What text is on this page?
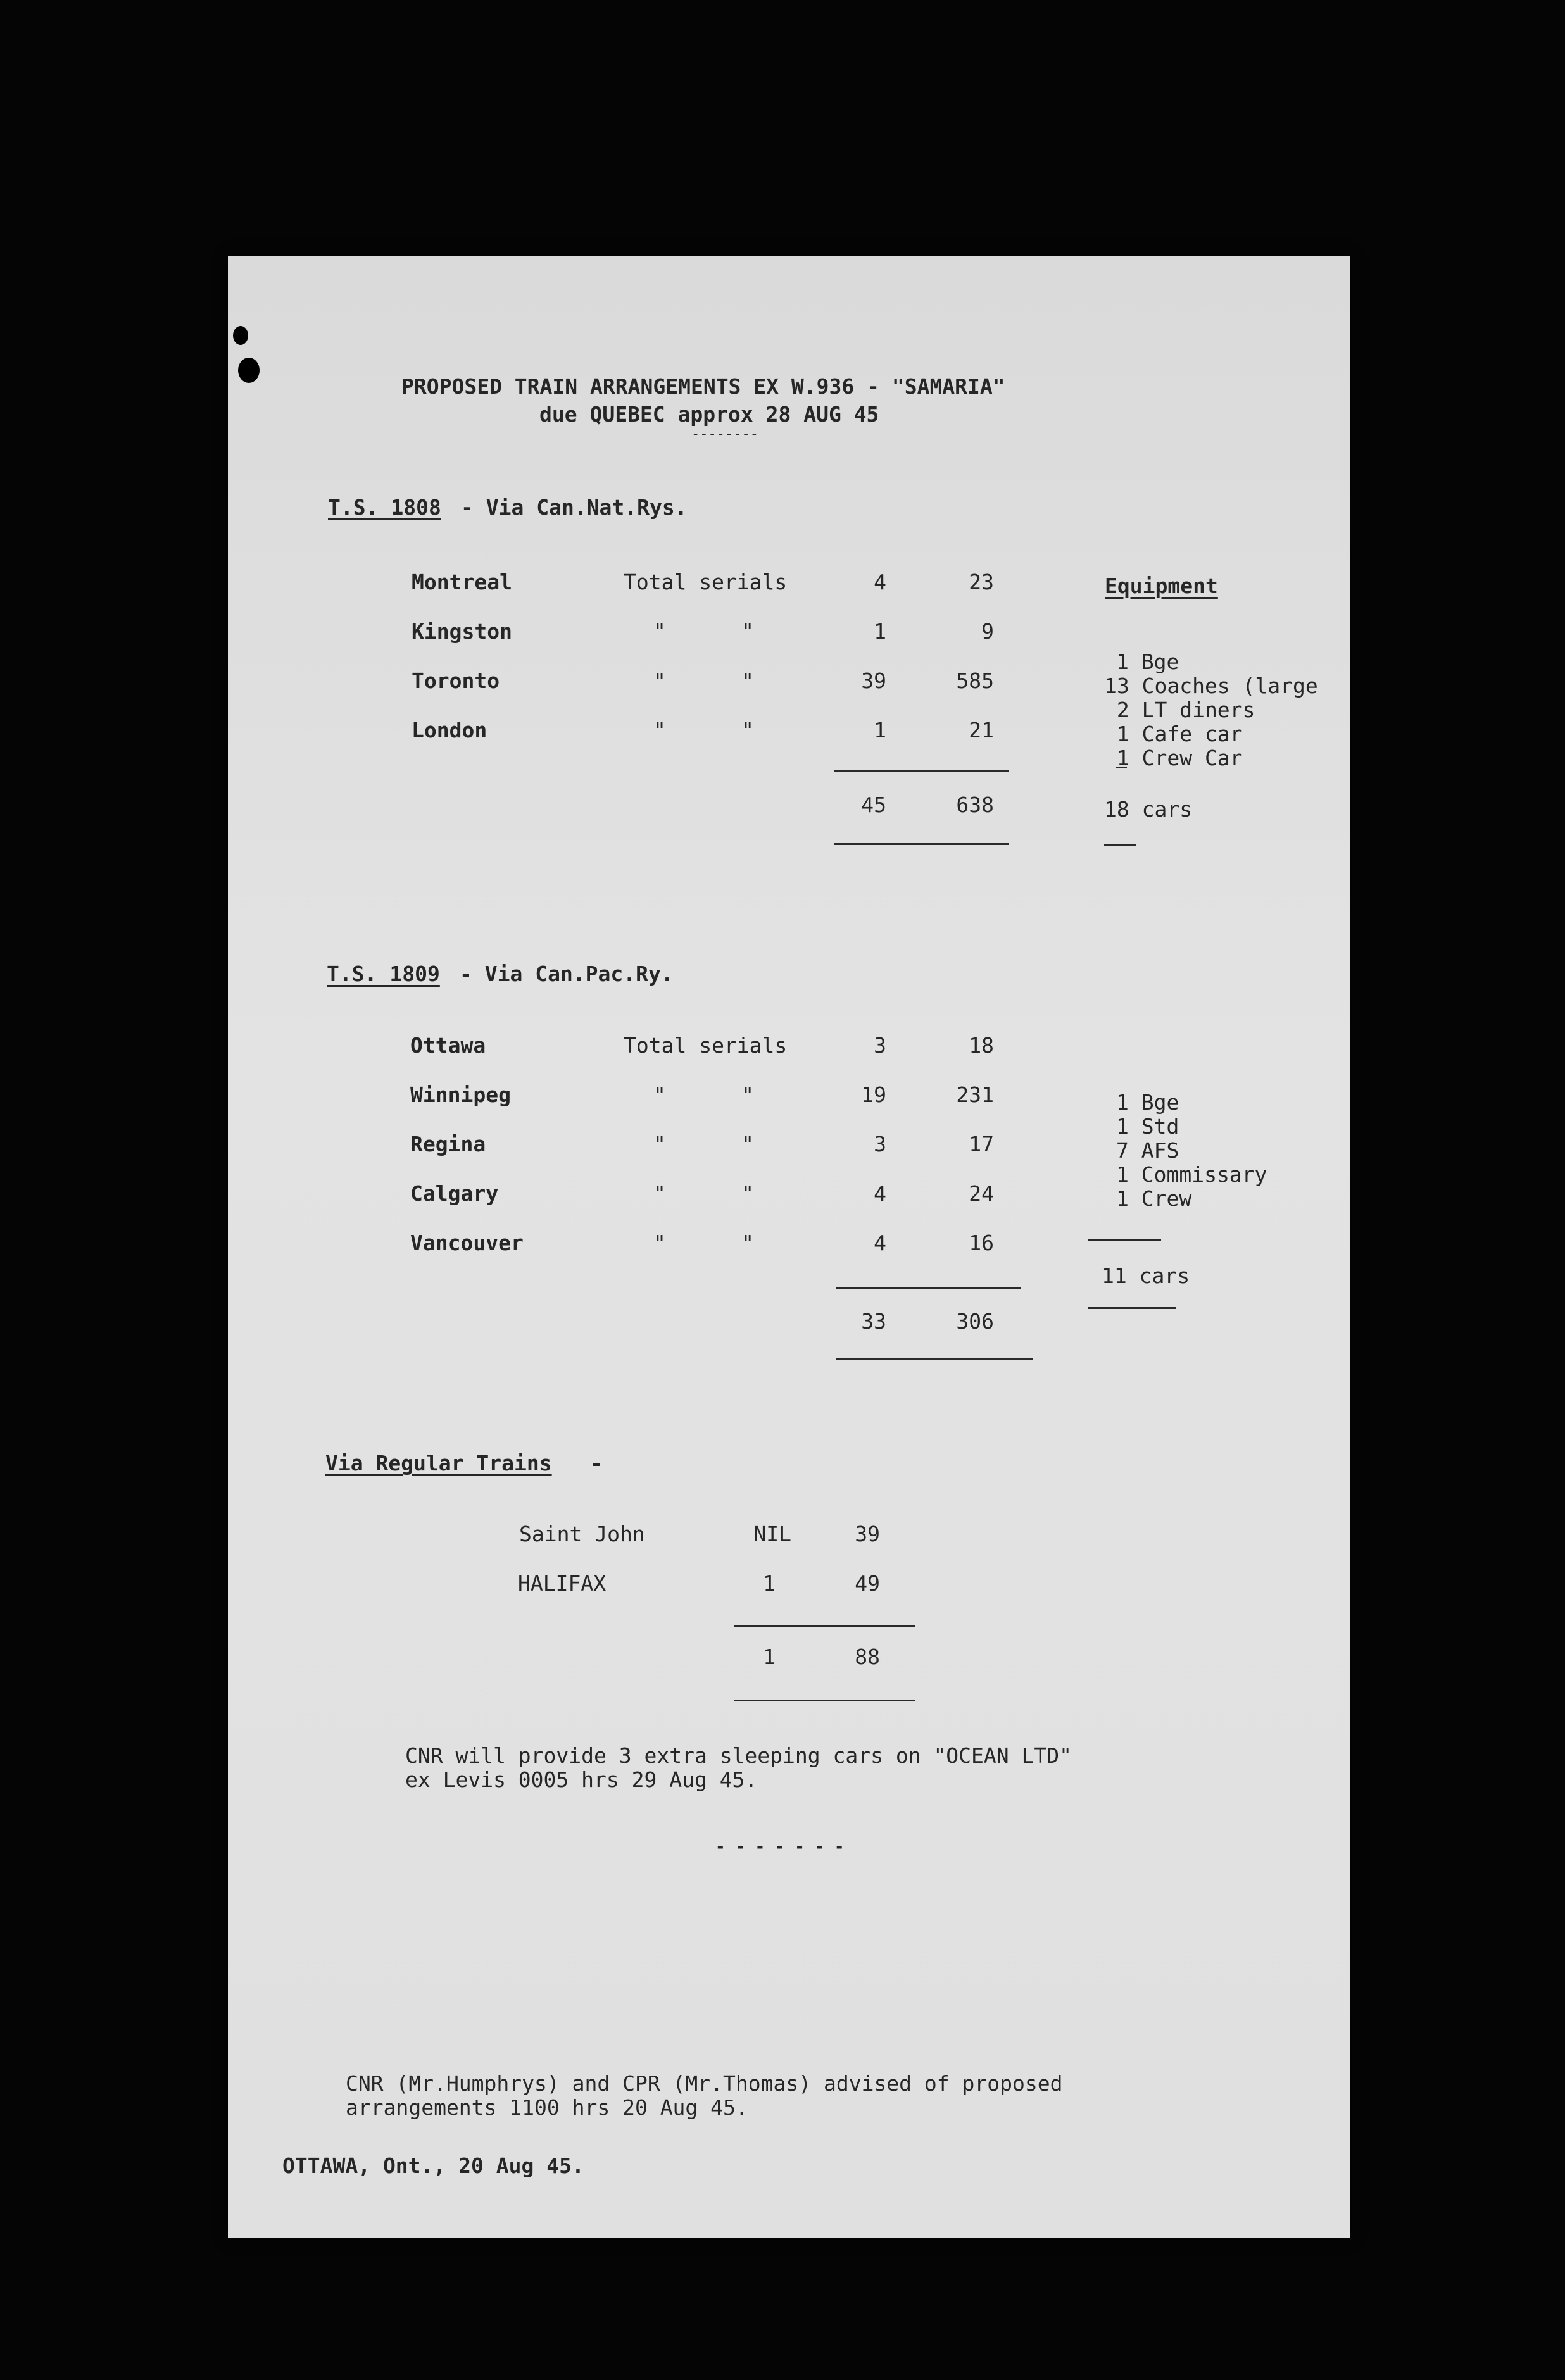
PROPOSED TRAIN ARRANGEMENTS EX W.936 - "SAMARIA"
due QUEBEC approx 28 AUG 45
--------
T.S. 1808 - Via Can.Nat.Rys.
Montreal	Total serials	4	23
Kingston	"      "	1	9
Toronto	"      "	39	585
London	"      "	1	21
45	638
Equipment
1 Bge
13 Coaches (large
2 LT diners
1 Cafe car
1 Crew Car
18 cars
T.S. 1809 - Via Can.Pac.Ry.
Ottawa	Total serials	3	18
Winnipeg	"      "	19	231
Regina	"      "	3	17
Calgary	"      "	4	24
Vancouver	"      "	4	16
33	306
1 Bge
1 Std
7 AFS
1 Commissary
1 Crew
11 cars
Via Regular Trains -
Saint John	NIL	39
HALIFAX	1	49
1	88
CNR will provide 3 extra sleeping cars on "OCEAN LTD"
ex Levis 0005 hrs 29 Aug 45.
- - - - - - -
CNR (Mr.Humphrys) and CPR (Mr.Thomas) advised of proposed
arrangements 1100 hrs 20 Aug 45.
OTTAWA, Ont., 20 Aug 45.
